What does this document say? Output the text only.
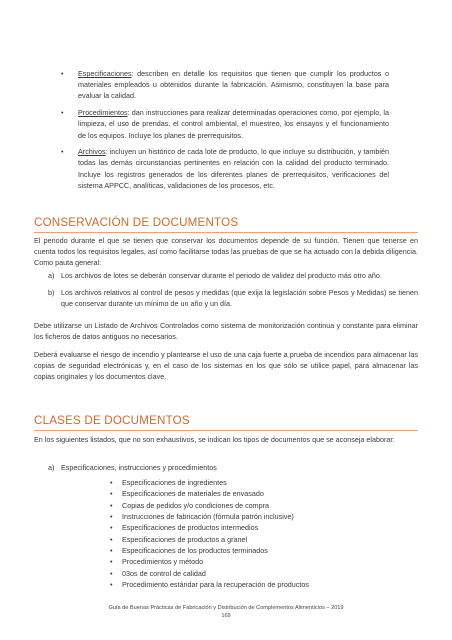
• Especificaciones: describen en detalle los requisitos que tienen que cumplir los productos o materiales empleados u obtenidos durante la fabricación. Asimismo, constituyen la base para evaluar la calidad.
• Procedimientos: dan instrucciones para realizar determinadas operaciones como, por ejemplo, la limpieza, el uso de prendas, el control ambiental, el muestreo, los ensayos y el funcionamiento de los equipos. Incluye los planes de prerrequisitos.
• Archivos: incluyen un histórico de cada lote de producto, lo que incluye su distribución, y también todas las demás circunstancias pertinentes en relación con la calidad del producto terminado. Incluye los registros generados de los diferentes planes de prerrequisitos, verificaciones del sistema APPCC, analíticas, validaciones de los procesos, etc.
CONSERVACIÓN DE DOCUMENTOS

El periodo durante el que se tienen que conservar los documentos depende de su función. Tienen que tenerse en cuenta todos los requisitos legales, así como facilitarse todas las pruebas de que se ha actuado con la debida diligencia. Como pauta general:

a) Los archivos de lotes se deberán conservar durante el periodo de validez del producto más otro año.
b) Los archivos relativos al control de pesos y medidas (que exija la legislación sobre Pesos y Medidas) se tienen que conservar durante un mínimo de un año y un día.

Debe utilizarse un Listado de Archivos Controlados como sistema de monitorización continua y constante para eliminar los ficheros de datos antiguos no necesarios.

Deberá evaluarse el riesgo de incendio y plantearse el uso de una caja fuerte a prueba de incendios para almacenar las copias de seguridad electrónicas y, en el caso de los sistemas en los que sólo se utilice papel, para almacenar las copias originales y los documentos clave.

CLASES DE DOCUMENTOS

En los siguientes listados, que no son exhaustivos, se indican los tipos de documentos que se aconseja elaborar:

a) Especificaciones, instrucciones y procedimientos
• Especificaciones de ingredientes
• Especificaciones de materiales de envasado
• Copias de pedidos y/o condiciones de compra
• Instrucciones de fabricación (fórmula patrón inclusive)
• Especificaciones de productos intermedios
• Especificaciones de productos a granel
• Especificaciones de los productos terminados
• Procedimientos y método
• 03os de control de calidad
• Procedimiento estándar para la recuperación de productos
Guía de Buenas Prácticas de Fabricación y Distribución de Complementos Alimenticios – 2019
169
